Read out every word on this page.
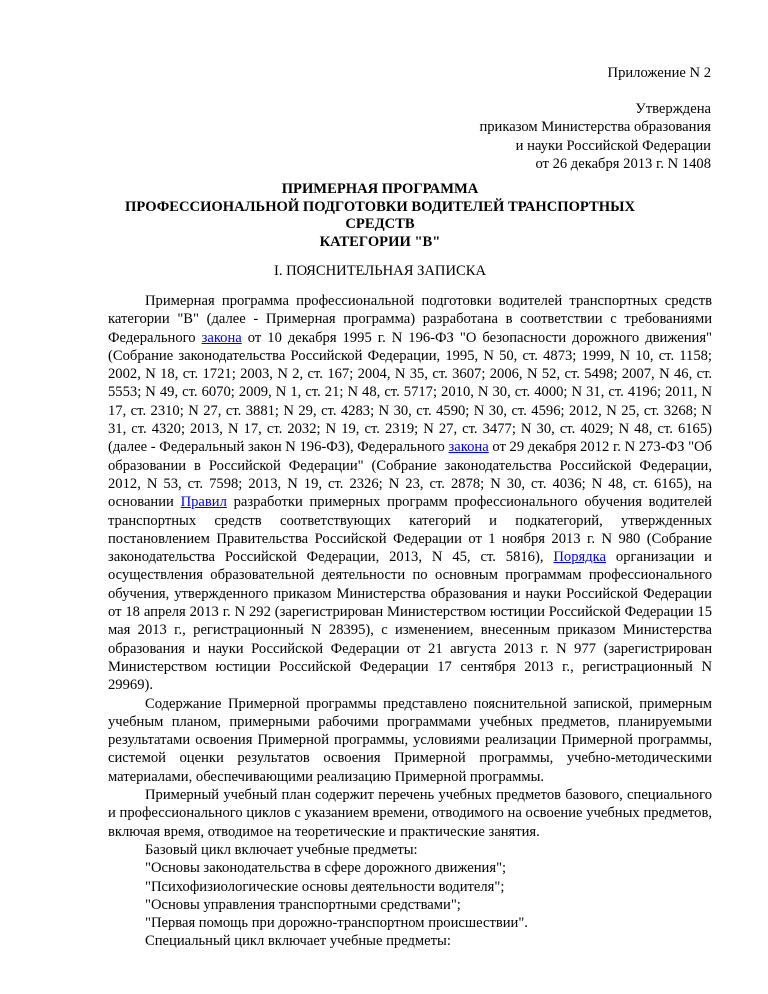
Приложение N 2
Утверждена
приказом Министерства образования
и науки Российской Федерации
от 26 декабря 2013 г. N 1408
ПРИМЕРНАЯ ПРОГРАММА
ПРОФЕССИОНАЛЬНОЙ ПОДГОТОВКИ ВОДИТЕЛЕЙ ТРАНСПОРТНЫХ
СРЕДСТВ
КАТЕГОРИИ "B"
I. ПОЯСНИТЕЛЬНАЯ ЗАПИСКА

Примерная программа профессиональной подготовки водителей транспортных средств категории "B" (далее - Примерная программа) разработана в соответствии с требованиями Федерального закона от 10 декабря 1995 г. N 196-ФЗ "О безопасности дорожного движения" (Собрание законодательства Российской Федерации, 1995, N 50, ст. 4873; 1999, N 10, ст. 1158; 2002, N 18, ст. 1721; 2003, N 2, ст. 167; 2004, N 35, ст. 3607; 2006, N 52, ст. 5498; 2007, N 46, ст. 5553; N 49, ст. 6070; 2009, N 1, ст. 21; N 48, ст. 5717; 2010, N 30, ст. 4000; N 31, ст. 4196; 2011, N 17, ст. 2310; N 27, ст. 3881; N 29, ст. 4283; N 30, ст. 4590; N 30, ст. 4596; 2012, N 25, ст. 3268; N 31, ст. 4320; 2013, N 17, ст. 2032; N 19, ст. 2319; N 27, ст. 3477; N 30, ст. 4029; N 48, ст. 6165) (далее - Федеральный закон N 196-ФЗ), Федерального закона от 29 декабря 2012 г. N 273-ФЗ "Об образовании в Российской Федерации" (Собрание законодательства Российской Федерации, 2012, N 53, ст. 7598; 2013, N 19, ст. 2326; N 23, ст. 2878; N 30, ст. 4036; N 48, ст. 6165), на основании Правил разработки примерных программ профессионального обучения водителей транспортных средств соответствующих категорий и подкатегорий, утвержденных постановлением Правительства Российской Федерации от 1 ноября 2013 г. N 980 (Собрание законодательства Российской Федерации, 2013, N 45, ст. 5816), Порядка организации и осуществления образовательной деятельности по основным программам профессионального обучения, утвержденного приказом Министерства образования и науки Российской Федерации от 18 апреля 2013 г. N 292 (зарегистрирован Министерством юстиции Российской Федерации 15 мая 2013 г., регистрационный N 28395), с изменением, внесенным приказом Министерства образования и науки Российской Федерации от 21 августа 2013 г. N 977 (зарегистрирован Министерством юстиции Российской Федерации 17 сентября 2013 г., регистрационный N 29969).

Содержание Примерной программы представлено пояснительной запиской, примерным учебным планом, примерными рабочими программами учебных предметов, планируемыми результатами освоения Примерной программы, условиями реализации Примерной программы, системой оценки результатов освоения Примерной программы, учебно-методическими материалами, обеспечивающими реализацию Примерной программы.

Примерный учебный план содержит перечень учебных предметов базового, специального и профессионального циклов с указанием времени, отводимого на освоение учебных предметов, включая время, отводимое на теоретические и практические занятия.

Базовый цикл включает учебные предметы:

"Основы законодательства в сфере дорожного движения";

"Психофизиологические основы деятельности водителя";

"Основы управления транспортными средствами";

"Первая помощь при дорожно-транспортном происшествии".

Специальный цикл включает учебные предметы:
